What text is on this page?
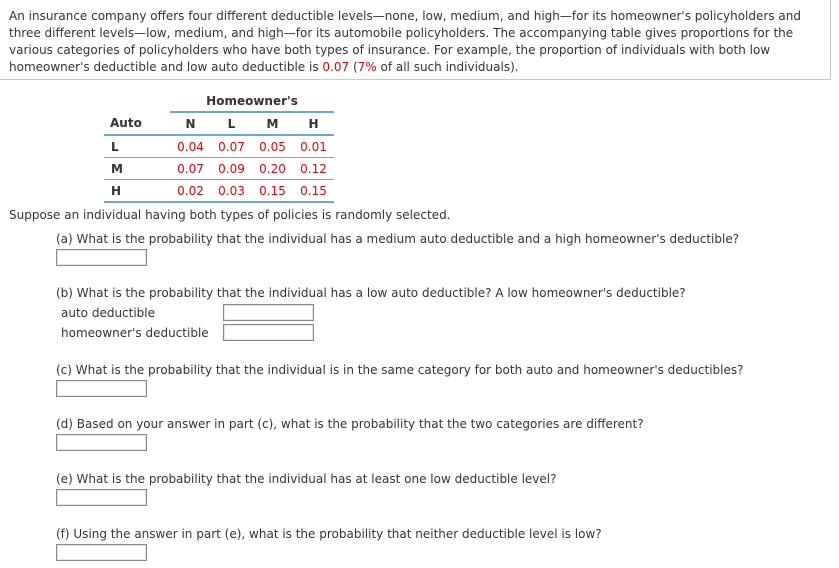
An insurance company offers four different deductible levels—none, low, medium, and high—for its homeowner's policyholders and three different levels—low, medium, and high—for its automobile policyholders. The accompanying table gives proportions for the various categories of policyholders who have both types of insurance. For example, the proportion of individuals with both low homeowner's deductible and low auto deductible is 0.07 (7% of all such individuals).

	Homeowner's			
Auto	N	L	M	H
L	0.04	0.07	0.05	0.01
M	0.07	0.09	0.20	0.12
H	0.02	0.03	0.15	0.15

Suppose an individual having both types of policies is randomly selected.

(a) What is the probability that the individual has a medium auto deductible and a high homeowner's deductible?

(b) What is the probability that the individual has a low auto deductible? A low homeowner's deductible?

auto deductible

homeowner's deductible

(c) What is the probability that the individual is in the same category for both auto and homeowner's deductibles?

(d) Based on your answer in part (c), what is the probability that the two categories are different?

(e) What is the probability that the individual has at least one low deductible level?

(f) Using the answer in part (e), what is the probability that neither deductible level is low?
